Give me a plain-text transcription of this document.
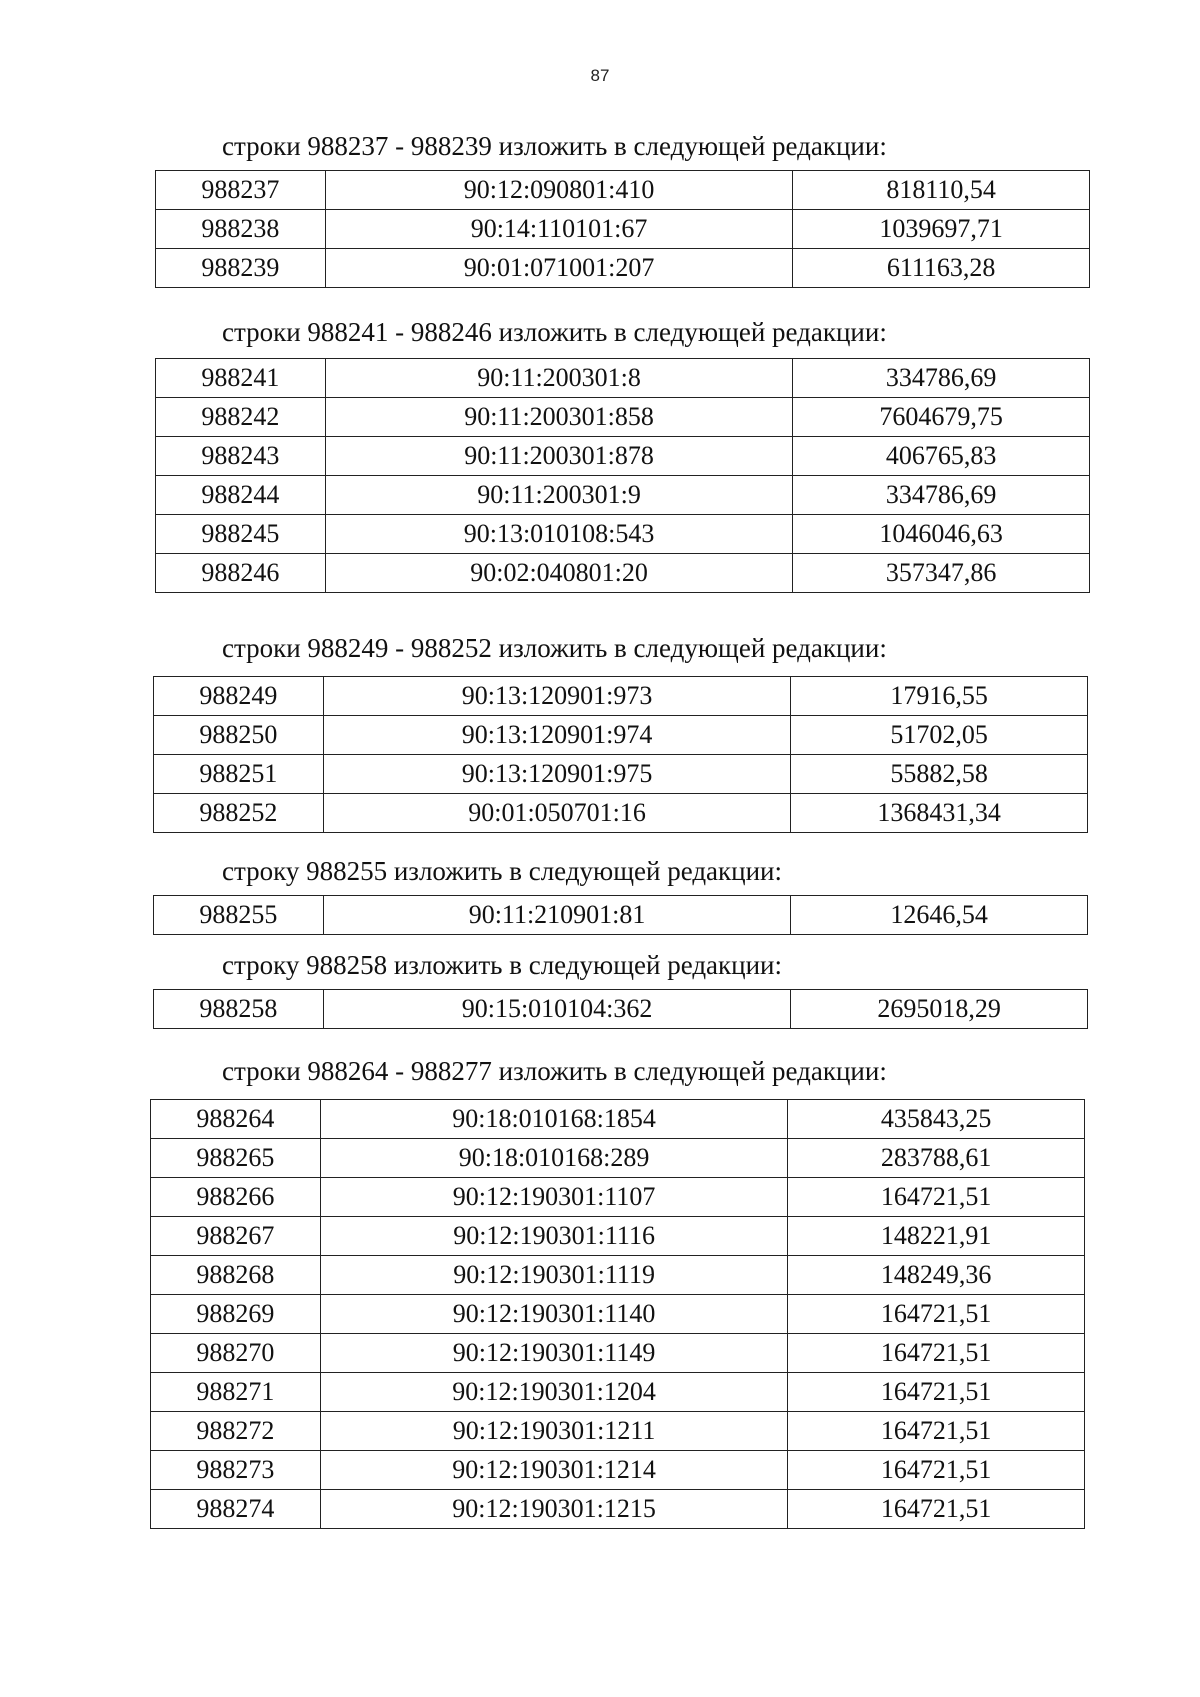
87

строки 988237 - 988239 изложить в следующей редакции:

988237	90:12:090801:410	818110,54
988238	90:14:110101:67	1039697,71
988239	90:01:071001:207	611163,28

строки 988241 - 988246 изложить в следующей редакции:

988241	90:11:200301:8	334786,69
988242	90:11:200301:858	7604679,75
988243	90:11:200301:878	406765,83
988244	90:11:200301:9	334786,69
988245	90:13:010108:543	1046046,63
988246	90:02:040801:20	357347,86

строки 988249 - 988252 изложить в следующей редакции:

988249	90:13:120901:973	17916,55
988250	90:13:120901:974	51702,05
988251	90:13:120901:975	55882,58
988252	90:01:050701:16	1368431,34

строку 988255 изложить в следующей редакции:

988255	90:11:210901:81	12646,54

строку 988258 изложить в следующей редакции:

988258	90:15:010104:362	2695018,29

строки 988264 - 988277 изложить в следующей редакции:

988264	90:18:010168:1854	435843,25
988265	90:18:010168:289	283788,61
988266	90:12:190301:1107	164721,51
988267	90:12:190301:1116	148221,91
988268	90:12:190301:1119	148249,36
988269	90:12:190301:1140	164721,51
988270	90:12:190301:1149	164721,51
988271	90:12:190301:1204	164721,51
988272	90:12:190301:1211	164721,51
988273	90:12:190301:1214	164721,51
988274	90:12:190301:1215	164721,51
